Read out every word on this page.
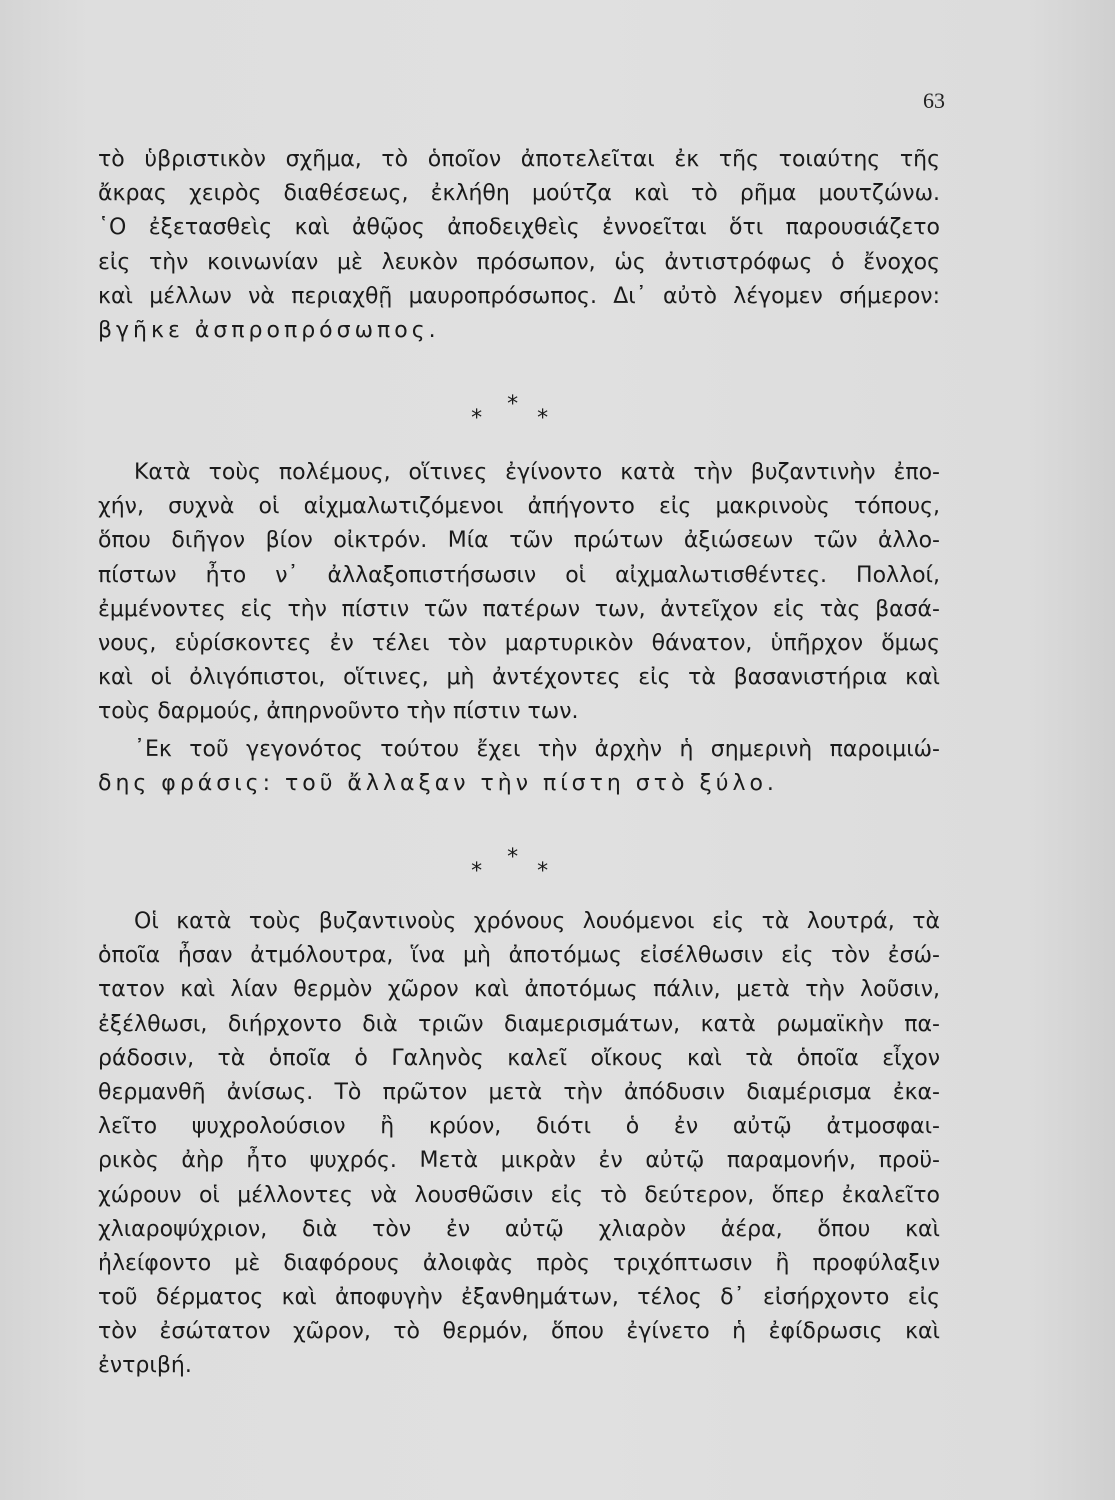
63
τὸ ὑβριστικὸν σχῆμα, τὸ ὁποῖον ἀποτελεῖται ἐκ τῆς τοιαύτης τῆς
ἄκρας χειρὸς διαθέσεως, ἐκλήθη μούτζα καὶ τὸ ρῆμα μουτζώνω.
῾Ο ἐξετασθεὶς καὶ ἀθῷος ἀποδειχθεὶς ἐννοεῖται ὅτι παρουσιάζετο
εἰς τὴν κοινωνίαν μὲ λευκὸν πρόσωπον, ὡς ἀντιστρόφως ὁ ἔνοχος
καὶ μέλλων νὰ περιαχθῇ μαυροπρόσωπος. Δι᾿ αὐτὸ λέγομεν σήμερον:
βγῆκε ἀσπροπρόσωπος.
*
*
*
Κατὰ τοὺς πολέμους, οἵτινες ἐγίνοντο κατὰ τὴν βυζαντινὴν ἐπο-
χήν, συχνὰ οἱ αἰχμαλωτιζόμενοι ἀπήγοντο εἰς μακρινοὺς τόπους,
ὅπου διῆγον βίον οἰκτρόν. Μία τῶν πρώτων ἀξιώσεων τῶν ἀλλο-
πίστων ἦτο ν᾿ ἀλλαξοπιστήσωσιν οἱ αἰχμαλωτισθέντες. Πολλοί,
ἐμμένοντες εἰς τὴν πίστιν τῶν πατέρων των, ἀντεῖχον εἰς τὰς βασά-
νους, εὑρίσκοντες ἐν τέλει τὸν μαρτυρικὸν θάνατον, ὑπῆρχον ὅμως
καὶ οἱ ὀλιγόπιστοι, οἵτινες, μὴ ἀντέχοντες εἰς τὰ βασανιστήρια καὶ
τοὺς δαρμούς, ἀπηρνοῦντο τὴν πίστιν των.
᾿Εκ τοῦ γεγονότος τούτου ἔχει τὴν ἀρχὴν ἡ σημερινὴ παροιμιώ-
δης φράσις: τοῦ ἄλλαξαν τὴν πίστη στὸ ξύλο.
*
*
*
Οἱ κατὰ τοὺς βυζαντινοὺς χρόνους λουόμενοι εἰς τὰ λουτρά, τὰ
ὁποῖα ἦσαν ἀτμόλουτρα, ἵνα μὴ ἀποτόμως εἰσέλθωσιν εἰς τὸν ἐσώ-
τατον καὶ λίαν θερμὸν χῶρον καὶ ἀποτόμως πάλιν, μετὰ τὴν λοῦσιν,
ἐξέλθωσι, διήρχοντο διὰ τριῶν διαμερισμάτων, κατὰ ρωμαϊκὴν πα-
ράδοσιν, τὰ ὁποῖα ὁ Γαληνὸς καλεῖ οἴκους καὶ τὰ ὁποῖα εἶχον
θερμανθῆ ἀνίσως. Τὸ πρῶτον μετὰ τὴν ἀπόδυσιν διαμέρισμα ἐκα-
λεῖτο ψυχρολούσιον ἢ κρύον, διότι ὁ ἐν αὐτῷ ἀτμοσφαι-
ρικὸς ἀὴρ ἦτο ψυχρός. Μετὰ μικρὰν ἐν αὐτῷ παραμονήν, προϋ-
χώρουν οἱ μέλλοντες νὰ λουσθῶσιν εἰς τὸ δεύτερον, ὅπερ ἐκαλεῖτο
χλιαροψύχριον, διὰ τὸν ἐν αὐτῷ χλιαρὸν ἀέρα, ὅπου καὶ
ἠλείφοντο μὲ διαφόρους ἀλοιφὰς πρὸς τριχόπτωσιν ἢ προφύλαξιν
τοῦ δέρματος καὶ ἀποφυγὴν ἐξανθημάτων, τέλος δ᾿ εἰσήρχοντο εἰς
τὸν ἐσώτατον χῶρον, τὸ θερμόν, ὅπου ἐγίνετο ἡ ἐφίδρωσις καὶ
ἐντριβή.
